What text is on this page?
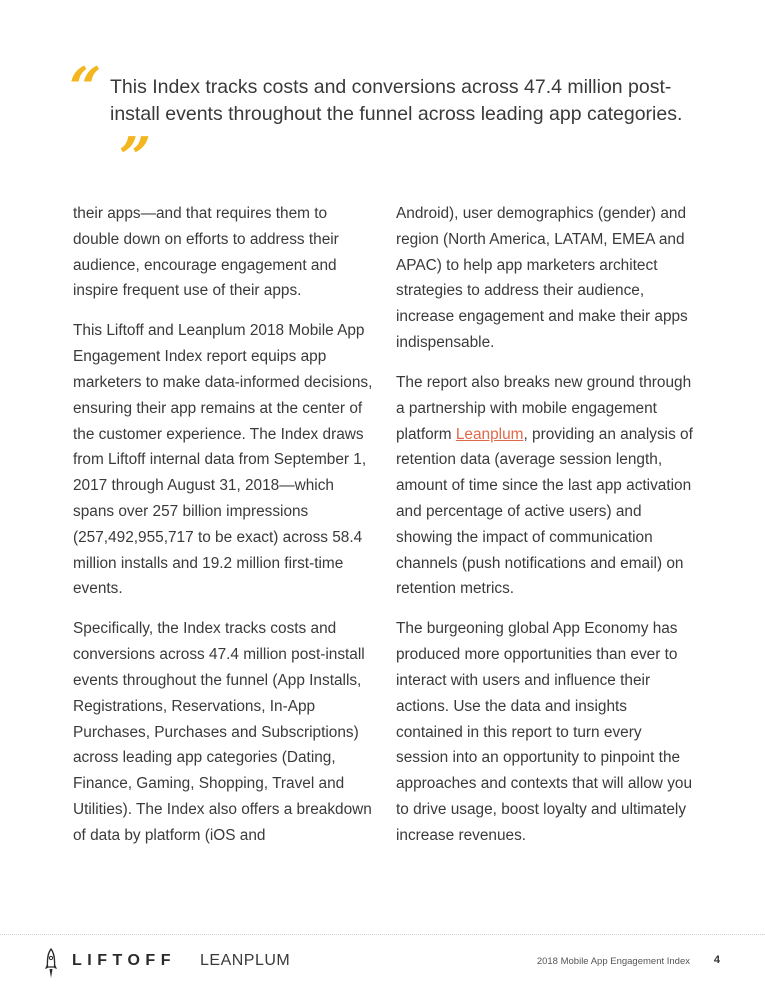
“ This Index tracks costs and conversions across 47.4 million post-install events throughout the funnel across leading app categories.”

their apps—and that requires them to double down on efforts to address their audience, encourage engagement and inspire frequent use of their apps.

This Liftoff and Leanplum 2018 Mobile App Engagement Index report equips app marketers to make data-informed decisions, ensuring their app remains at the center of the customer experience. The Index draws from Liftoff internal data from September 1, 2017 through August 31, 2018—which spans over 257 billion impressions (257,492,955,717 to be exact) across 58.4 million installs and 19.2 million first-time events.

Specifically, the Index tracks costs and conversions across 47.4 million post-install events throughout the funnel (App Installs, Registrations, Reservations, In-App Purchases, Purchases and Subscriptions) across leading app categories (Dating, Finance, Gaming, Shopping, Travel and Utilities). The Index also offers a breakdown of data by platform (iOS and

Android), user demographics (gender) and region (North America, LATAM, EMEA and APAC) to help app marketers architect strategies to address their audience, increase engagement and make their apps indispensable.

The report also breaks new ground through a partnership with mobile engagement platform Leanplum, providing an analysis of retention data (average session length, amount of time since the last app activation and percentage of active users) and showing the impact of communication channels (push notifications and email) on retention metrics.

The burgeoning global App Economy has produced more opportunities than ever to interact with users and influence their actions. Use the data and insights contained in this report to turn every session into an opportunity to pinpoint the approaches and contexts that will allow you to drive usage, boost loyalty and ultimately increase revenues.

LIFTOFF LEANPLUM	2018 Mobile App Engagement Index 4
